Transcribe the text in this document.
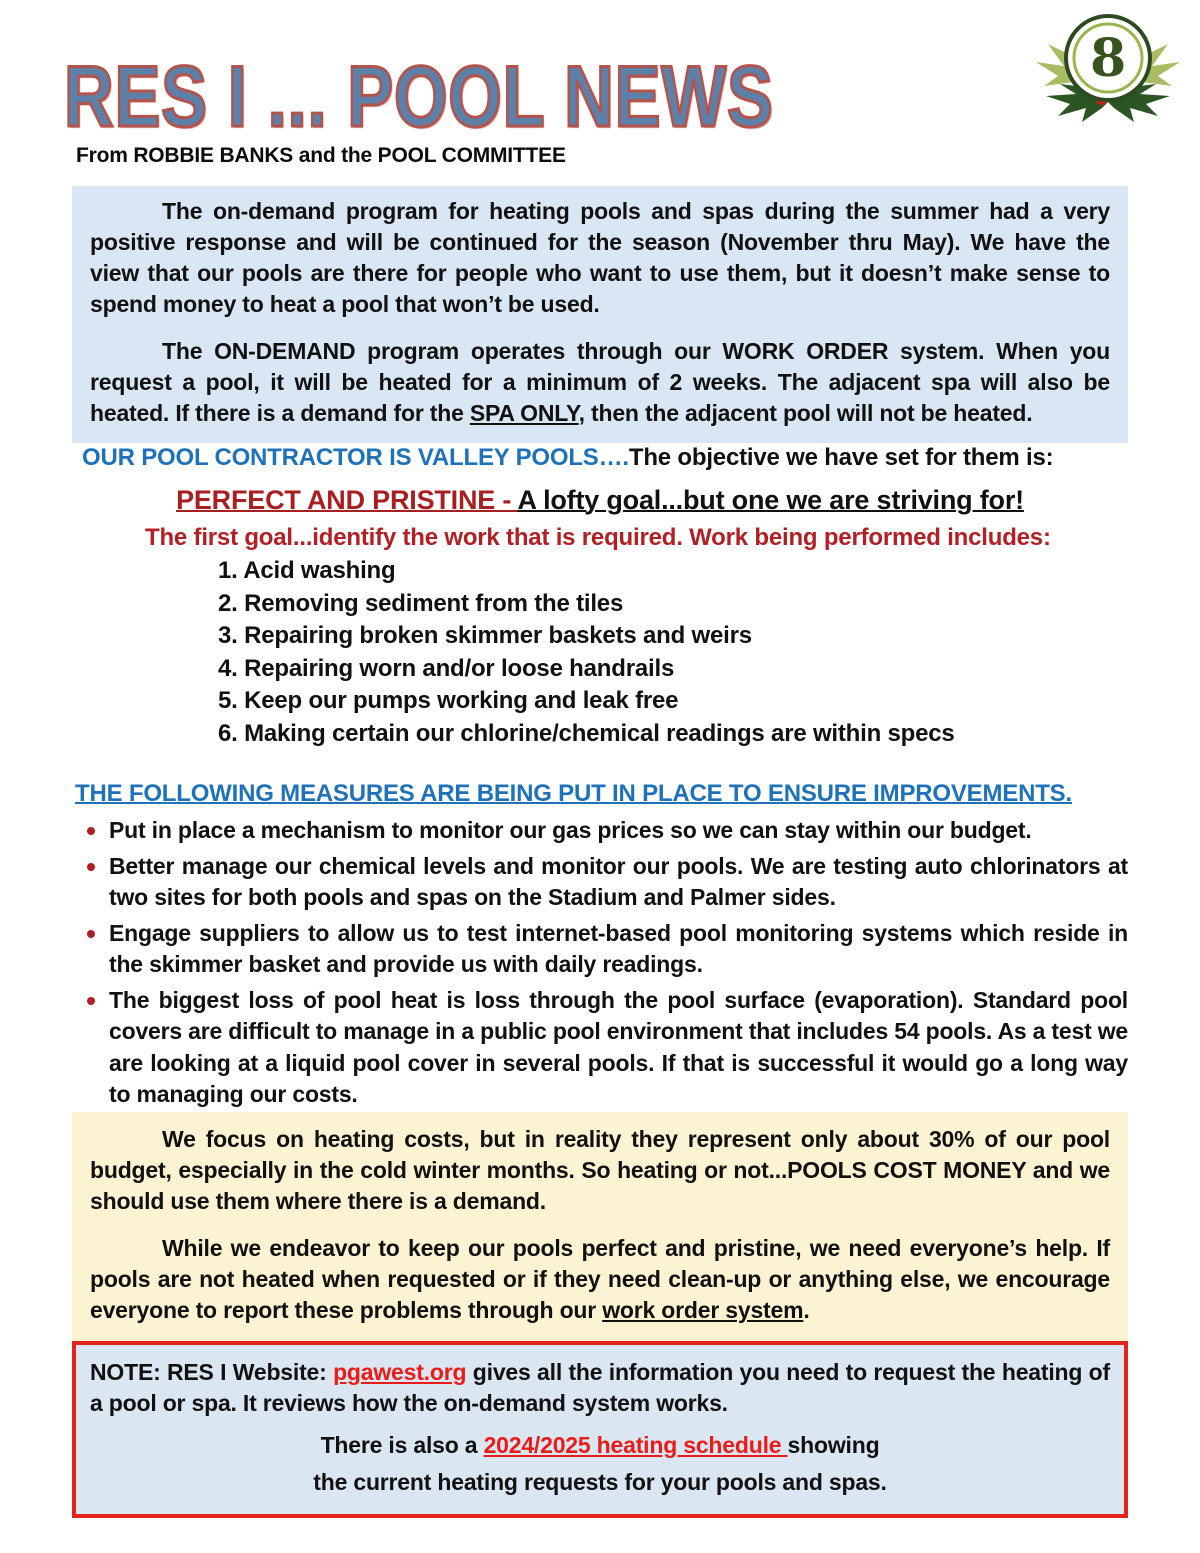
RES I ... POOL NEWS	8
From ROBBIE BANKS and the POOL COMMITTEE

The on-demand program for heating pools and spas during the summer had a very positive response and will be continued for the season (November thru May). We have the view that our pools are there for people who want to use them, but it doesn’t make sense to spend money to heat a pool that won’t be used.

The ON-DEMAND program operates through our WORK ORDER system. When you request a pool, it will be heated for a minimum of 2 weeks. The adjacent spa will also be heated. If there is a demand for the SPA ONLY, then the adjacent pool will not be heated.

OUR POOL CONTRACTOR IS VALLEY POOLS….The objective we have set for them is:
PERFECT AND PRISTINE - A lofty goal...but one we are striving for!
The first goal...identify the work that is required. Work being performed includes:
1. Acid washing
2. Removing sediment from the tiles
3. Repairing broken skimmer baskets and weirs
4. Repairing worn and/or loose handrails
5. Keep our pumps working and leak free
6. Making certain our chlorine/chemical readings are within specs
THE FOLLOWING MEASURES ARE BEING PUT IN PLACE TO ENSURE IMPROVEMENTS.
Put in place a mechanism to monitor our gas prices so we can stay within our budget.
Better manage our chemical levels and monitor our pools. We are testing auto chlorinators at two sites for both pools and spas on the Stadium and Palmer sides.
Engage suppliers to allow us to test internet-based pool monitoring systems which reside in the skimmer basket and provide us with daily readings.
The biggest loss of pool heat is loss through the pool surface (evaporation). Standard pool covers are difficult to manage in a public pool environment that includes 54 pools. As a test we are looking at a liquid pool cover in several pools. If that is successful it would go a long way to managing our costs.

We focus on heating costs, but in reality they represent only about 30% of our pool budget, especially in the cold winter months. So heating or not...POOLS COST MONEY and we should use them where there is a demand.

While we endeavor to keep our pools perfect and pristine, we need everyone’s help. If pools are not heated when requested or if they need clean-up or anything else, we encourage everyone to report these problems through our work order system.

NOTE: RES I Website: pgawest.org gives all the information you need to request the heating of a pool or spa. It reviews how the on-demand system works.

There is also a 2024/2025 heating schedule showing

the current heating requests for your pools and spas.
